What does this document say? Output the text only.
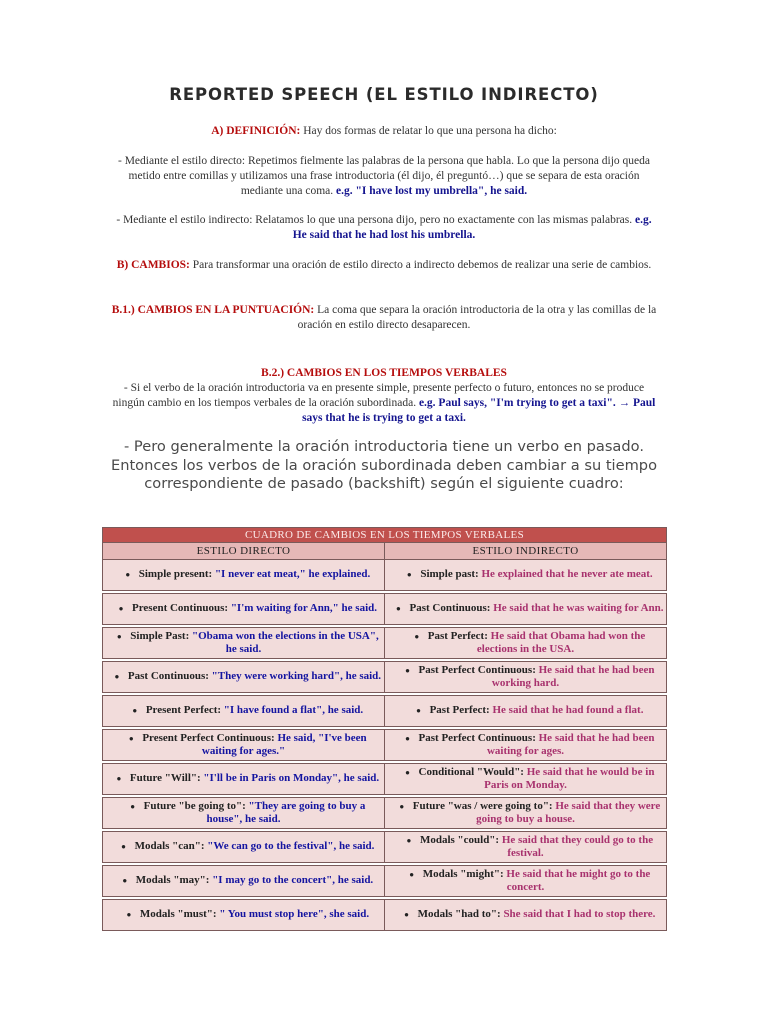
REPORTED SPEECH (EL ESTILO INDIRECTO)
A) DEFINICIÓN: Hay dos formas de relatar lo que una persona ha dicho:
- Mediante el estilo directo: Repetimos fielmente las palabras de la persona que habla. Lo que la persona dijo queda metido entre comillas y utilizamos una frase introductoria (él dijo, él preguntó…) que se separa de esta oración mediante una coma. e.g. "I have lost my umbrella", he said.
- Mediante el estilo indirecto: Relatamos lo que una persona dijo, pero no exactamente con las mismas palabras. e.g. He said that he had lost his umbrella.
B) CAMBIOS: Para transformar una oración de estilo directo a indirecto debemos de realizar una serie de cambios.
B.1.) CAMBIOS EN LA PUNTUACIÓN: La coma que separa la oración introductoria de la otra y las comillas de la oración en estilo directo desaparecen.
B.2.) CAMBIOS EN LOS TIEMPOS VERBALES
- Si el verbo de la oración introductoria va en presente simple, presente perfecto o futuro, entonces no se produce ningún cambio en los tiempos verbales de la oración subordinada. e.g. Paul says, "I'm trying to get a taxi". → Paul says that he is trying to get a taxi.
- Pero generalmente la oración introductoria tiene un verbo en pasado. Entonces los verbos de la oración subordinada deben cambiar a su tiempo correspondiente de pasado (backshift) según el siguiente cuadro:
CUADRO DE CAMBIOS EN LOS TIEMPOS VERBALES	
ESTILO DIRECTO	ESTILO INDIRECTO
● Simple present: "I never eat meat," he explained.	● Simple past: He explained that he never ate meat.

● Present Continuous: "I'm waiting for Ann," he said.	● Past Continuous: He said that he was waiting for Ann.

● Simple Past: "Obama won the elections in the USA", he said.	● Past Perfect: He said that Obama had won the elections in the USA.

● Past Continuous: "They were working hard", he said.	● Past Perfect Continuous: He said that he had been working hard.

● Present Perfect: "I have found a flat", he said.	● Past Perfect: He said that he had found a flat.

● Present Perfect Continuous: He said, "I've been waiting for ages."	● Past Perfect Continuous: He said that he had been waiting for ages.

● Future "Will": "I'll be in Paris on Monday", he said.	● Conditional "Would": He said that he would be in Paris on Monday.

● Future "be going to": "They are going to buy a house", he said.	● Future "was / were going to": He said that they were going to buy a house.

● Modals "can": "We can go to the festival", he said.	● Modals "could": He said that they could go to the festival.

● Modals "may": "I may go to the concert", he said.	● Modals "might": He said that he might go to the concert.

● Modals "must": " You must stop here", she said.	● Modals "had to": She said that I had to stop there.
